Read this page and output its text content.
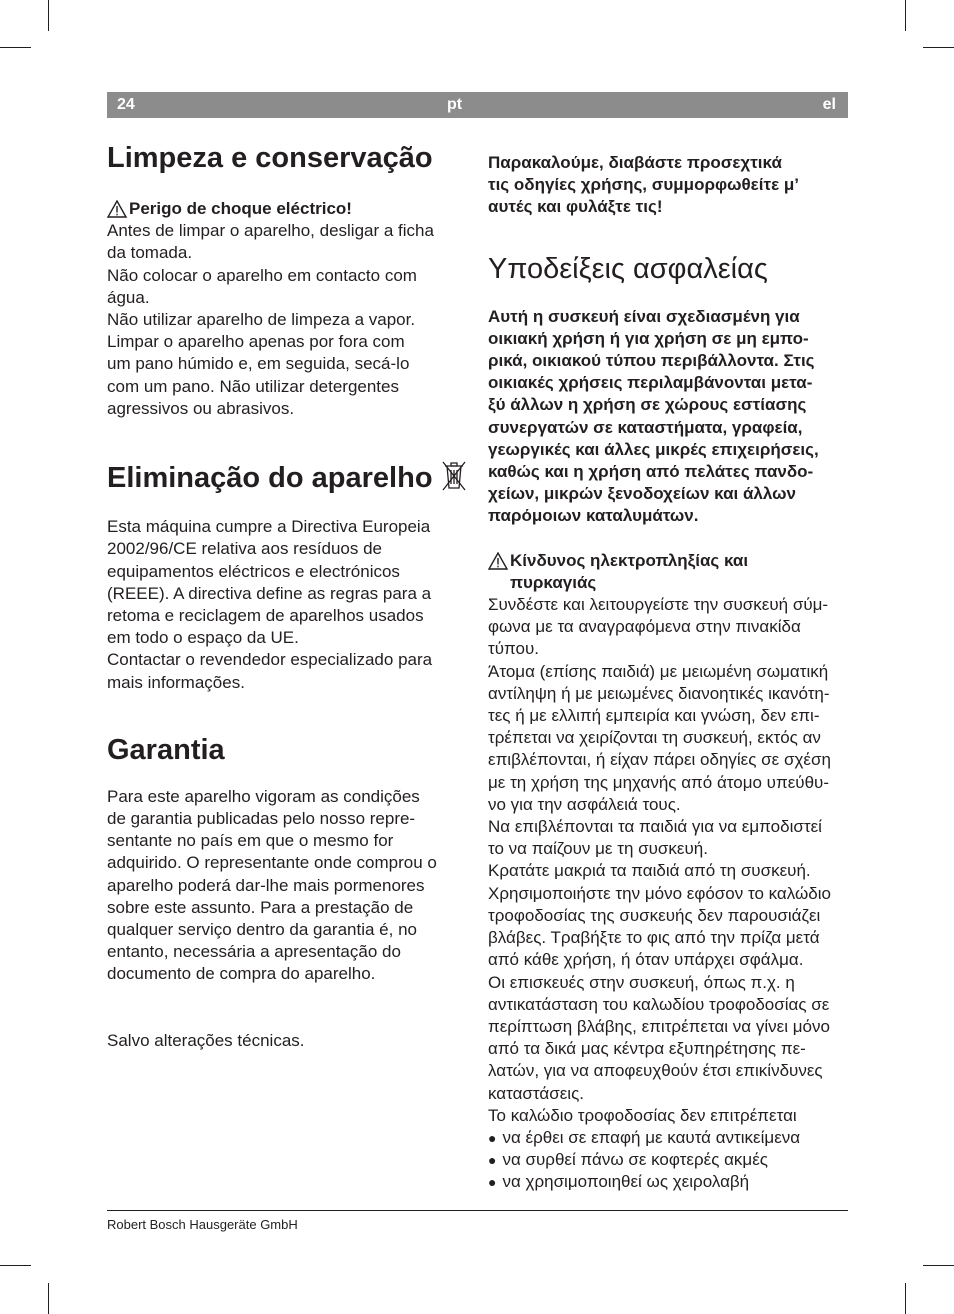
24	pt	el
Limpeza e conservação
Perigo de choque eléctrico!
Antes de limpar o aparelho, desligar a ficha
da tomada.
Não colocar o aparelho em contacto com
água.
Não utilizar aparelho de limpeza a vapor.
Limpar o aparelho apenas por fora com
um pano húmido e, em seguida, secá-lo
com um pano. Não utilizar detergentes
agressivos ou abrasivos.
Eliminação do aparelho
Esta máquina cumpre a Directiva Europeia
2002/96/CE relativa aos resíduos de
equipamentos eléctricos e electrónicos
(REEE). A directiva define as regras para a
retoma e reciclagem de aparelhos usados
em todo o espaço da UE.
Contactar o revendedor especializado para
mais informações.
Garantia
Para este aparelho vigoram as condições
de garantia publicadas pelo nosso repre-
sentante no país em que o mesmo for
adquirido. O representante onde comprou o
aparelho poderá dar-lhe mais pormenores
sobre este assunto. Para a prestação de
qualquer serviço dentro da garantia é, no
entanto, necessária a apresentação do
documento de compra do aparelho.
Salvo alterações técnicas.
Παρακαλούμε, διαβάστε προσεχτικά
τις οδηγίες χρήσης, συμμορφωθείτε μ’
αυτές και φυλάξτε τις!
Υποδείξεις ασφαλείας
Αυτή η συσκευή είναι σχεδιασμένη για
οικιακή χρήση ή για χρήση σε μη εμπο-
ρικά, οικιακού τύπου περιβάλλοντα. Στις
οικιακές χρήσεις περιλαμβάνονται μετα-
ξύ άλλων η χρήση σε χώρους εστίασης
συνεργατών σε καταστήματα, γραφεία,
γεωργικές και άλλες μικρές επιχειρήσεις,
καθώς και η χρήση από πελάτες πανδο-
χείων, μικρών ξενοδοχείων και άλλων
παρόμοιων καταλυμάτων.
Κίνδυνος ηλεκτροπληξίας και
πυρκαγιάς
Συνδέστε και λειτουργείστε την συσκευή σύμ-
φωνα με τα αναγραφόμενα στην πινακίδα
τύπου.
Άτομα (επίσης παιδιά) με μειωμένη σωματική
αντίληψη ή με μειωμένες διανοητικές ικανότη-
τες ή με ελλιπή εμπειρία και γνώση, δεν επι-
τρέπεται να χειρίζονται τη συσκευή, εκτός αν
επιβλέπονται, ή είχαν πάρει οδηγίες σε σχέση
με τη χρήση της μηχανής από άτομο υπεύθυ-
νο για την ασφάλειά τους.
Να επιβλέπονται τα παιδιά για να εμποδιστεί
το να παίζουν με τη συσκευή.
Κρατάτε μακριά τα παιδιά από τη συσκευή.
Χρησιμοποιήστε την μόνο εφόσον το καλώδιο
τροφοδοσίας της συσκευής δεν παρουσιάζει
βλάβες. Τραβήξτε το φις από την πρίζα μετά
από κάθε χρήση, ή όταν υπάρχει σφάλμα.
Οι επισκευές στην συσκευή, όπως π.χ. η
αντικατάσταση του καλωδίου τροφοδοσίας σε
περίπτωση βλάβης, επιτρέπεται να γίνει μόνο
από τα δικά μας κέντρα εξυπηρέτησης πε-
λατών, για να αποφευχθούν έτσι επικίνδυνες
καταστάσεις.
Το καλώδιο τροφοδοσίας δεν επιτρέπεται
● να έρθει σε επαφή με καυτά αντικείμενα
● να συρθεί πάνω σε κοφτερές ακμές
● να χρησιμοποιηθεί ως χειρολαβή
Robert Bosch Hausgeräte GmbH
